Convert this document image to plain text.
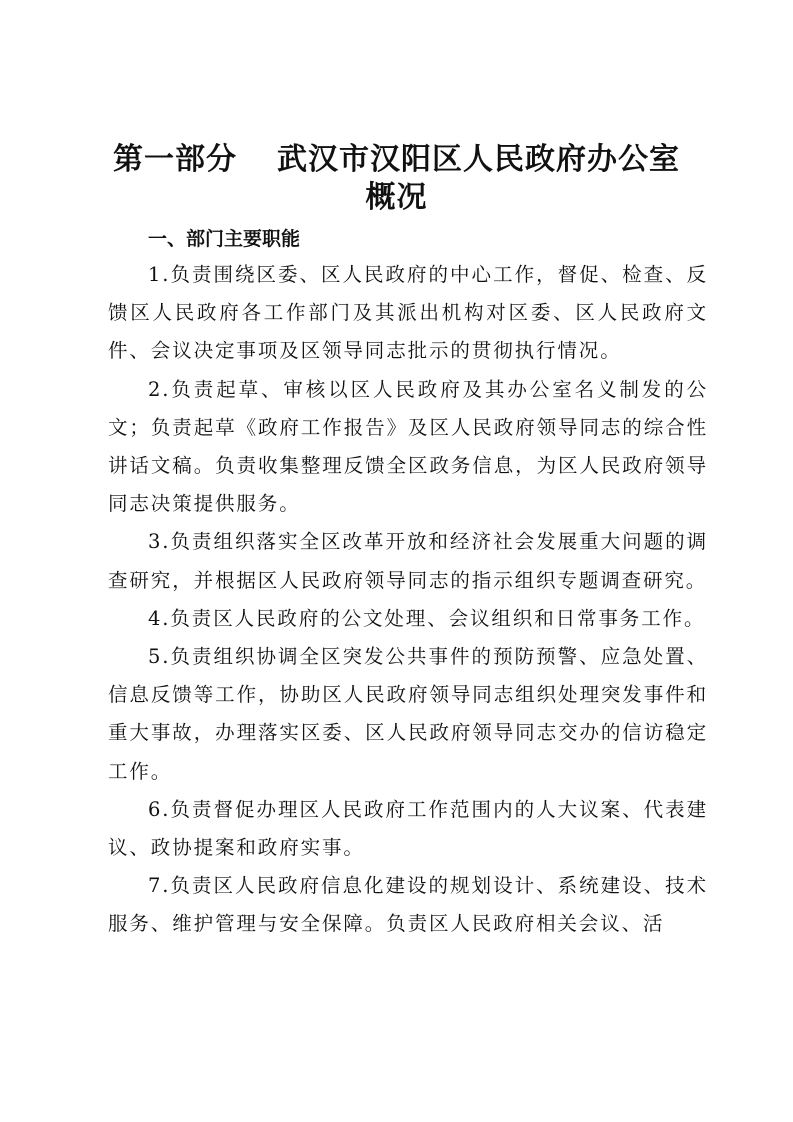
第一部分 武汉市汉阳区人民政府办公室
概况
一、部门主要职能

1.负责围绕区委、区人民政府的中心工作，督促、检查、反馈区人民政府各工作部门及其派出机构对区委、区人民政府文件、会议决定事项及区领导同志批示的贯彻执行情况。

2.负责起草、审核以区人民政府及其办公室名义制发的公文；负责起草《政府工作报告》及区人民政府领导同志的综合性讲话文稿。负责收集整理反馈全区政务信息，为区人民政府领导同志决策提供服务。

3.负责组织落实全区改革开放和经济社会发展重大问题的调查研究，并根据区人民政府领导同志的指示组织专题调查研究。

4.负责区人民政府的公文处理、会议组织和日常事务工作。

5.负责组织协调全区突发公共事件的预防预警、应急处置、信息反馈等工作，协助区人民政府领导同志组织处理突发事件和重大事故，办理落实区委、区人民政府领导同志交办的信访稳定工作。

6.负责督促办理区人民政府工作范围内的人大议案、代表建议、政协提案和政府实事。

7.负责区人民政府信息化建设的规划设计、系统建设、技术服务、维护管理与安全保障。负责区人民政府相关会议、活
